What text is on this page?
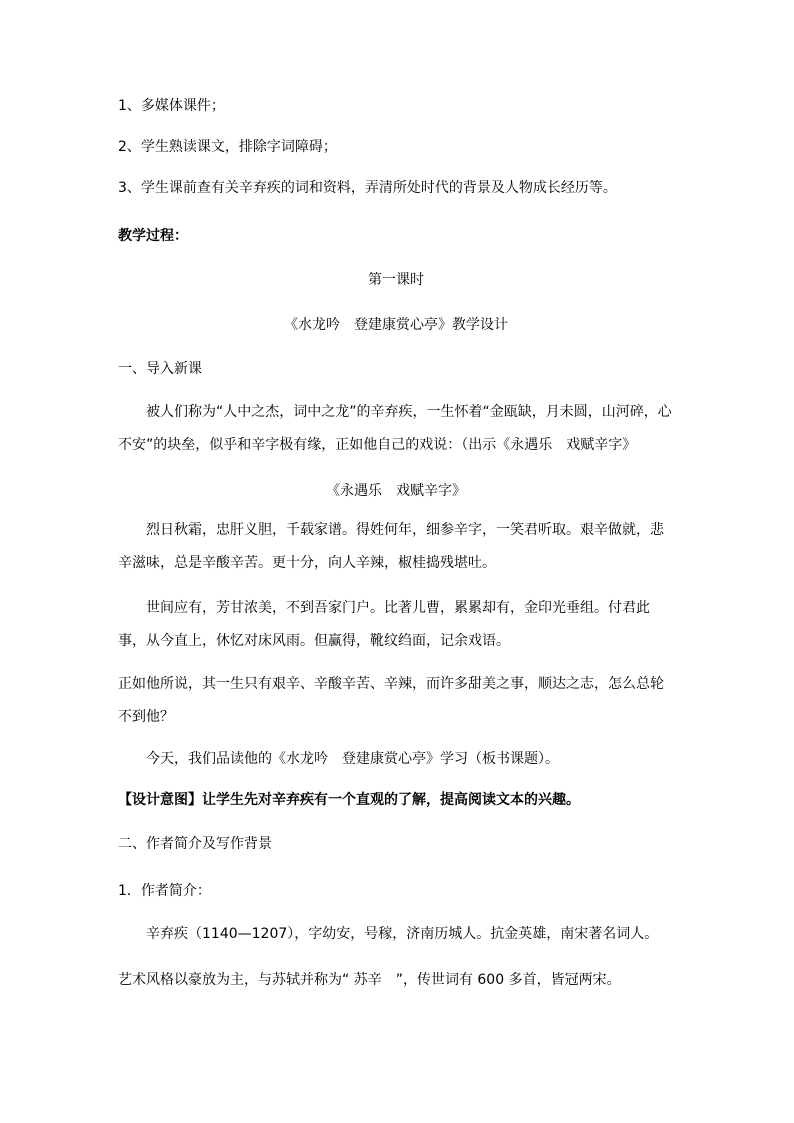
1、多媒体课件；
2、学生熟读课文，排除字词障碍；
3、学生课前查有关辛弃疾的词和资料，弄清所处时代的背景及人物成长经历等。
教学过程：
第一课时
《水龙吟　登建康赏心亭》教学设计
一、导入新课
被人们称为“人中之杰，词中之龙”的辛弃疾，一生怀着“金瓯缺，月未圆，山河碎，心不安”的块垒，似乎和辛字极有缘，正如他自己的戏说：（出示《永遇乐　戏赋辛字》
《永遇乐　戏赋辛字》
烈日秋霜，忠肝义胆，千载家谱。得姓何年，细参辛字，一笑君听取。艰辛做就，悲辛滋味，总是辛酸辛苦。更十分，向人辛辣，椒桂捣残堪吐。
世间应有，芳甘浓美，不到吾家门户。比著儿曹，累累却有，金印光垂组。付君此事，从今直上，休忆对床风雨。但赢得，靴纹绉面，记余戏语。
正如他所说，其一生只有艰辛、辛酸辛苦、辛辣，而许多甜美之事，顺达之志，怎么总轮不到他？
今天，我们品读他的《水龙吟　登建康赏心亭》学习（板书课题）。
【设计意图】让学生先对辛弃疾有一个直观的了解，提高阅读文本的兴趣。
二、作者简介及写作背景
1．作者简介：
辛弃疾（1140—1207），字幼安，号稼，济南历城人。抗金英雄，南宋著名词人。
艺术风格以豪放为主，与苏轼并称为“ 苏辛　”，传世词有 600 多首，皆冠两宋。
